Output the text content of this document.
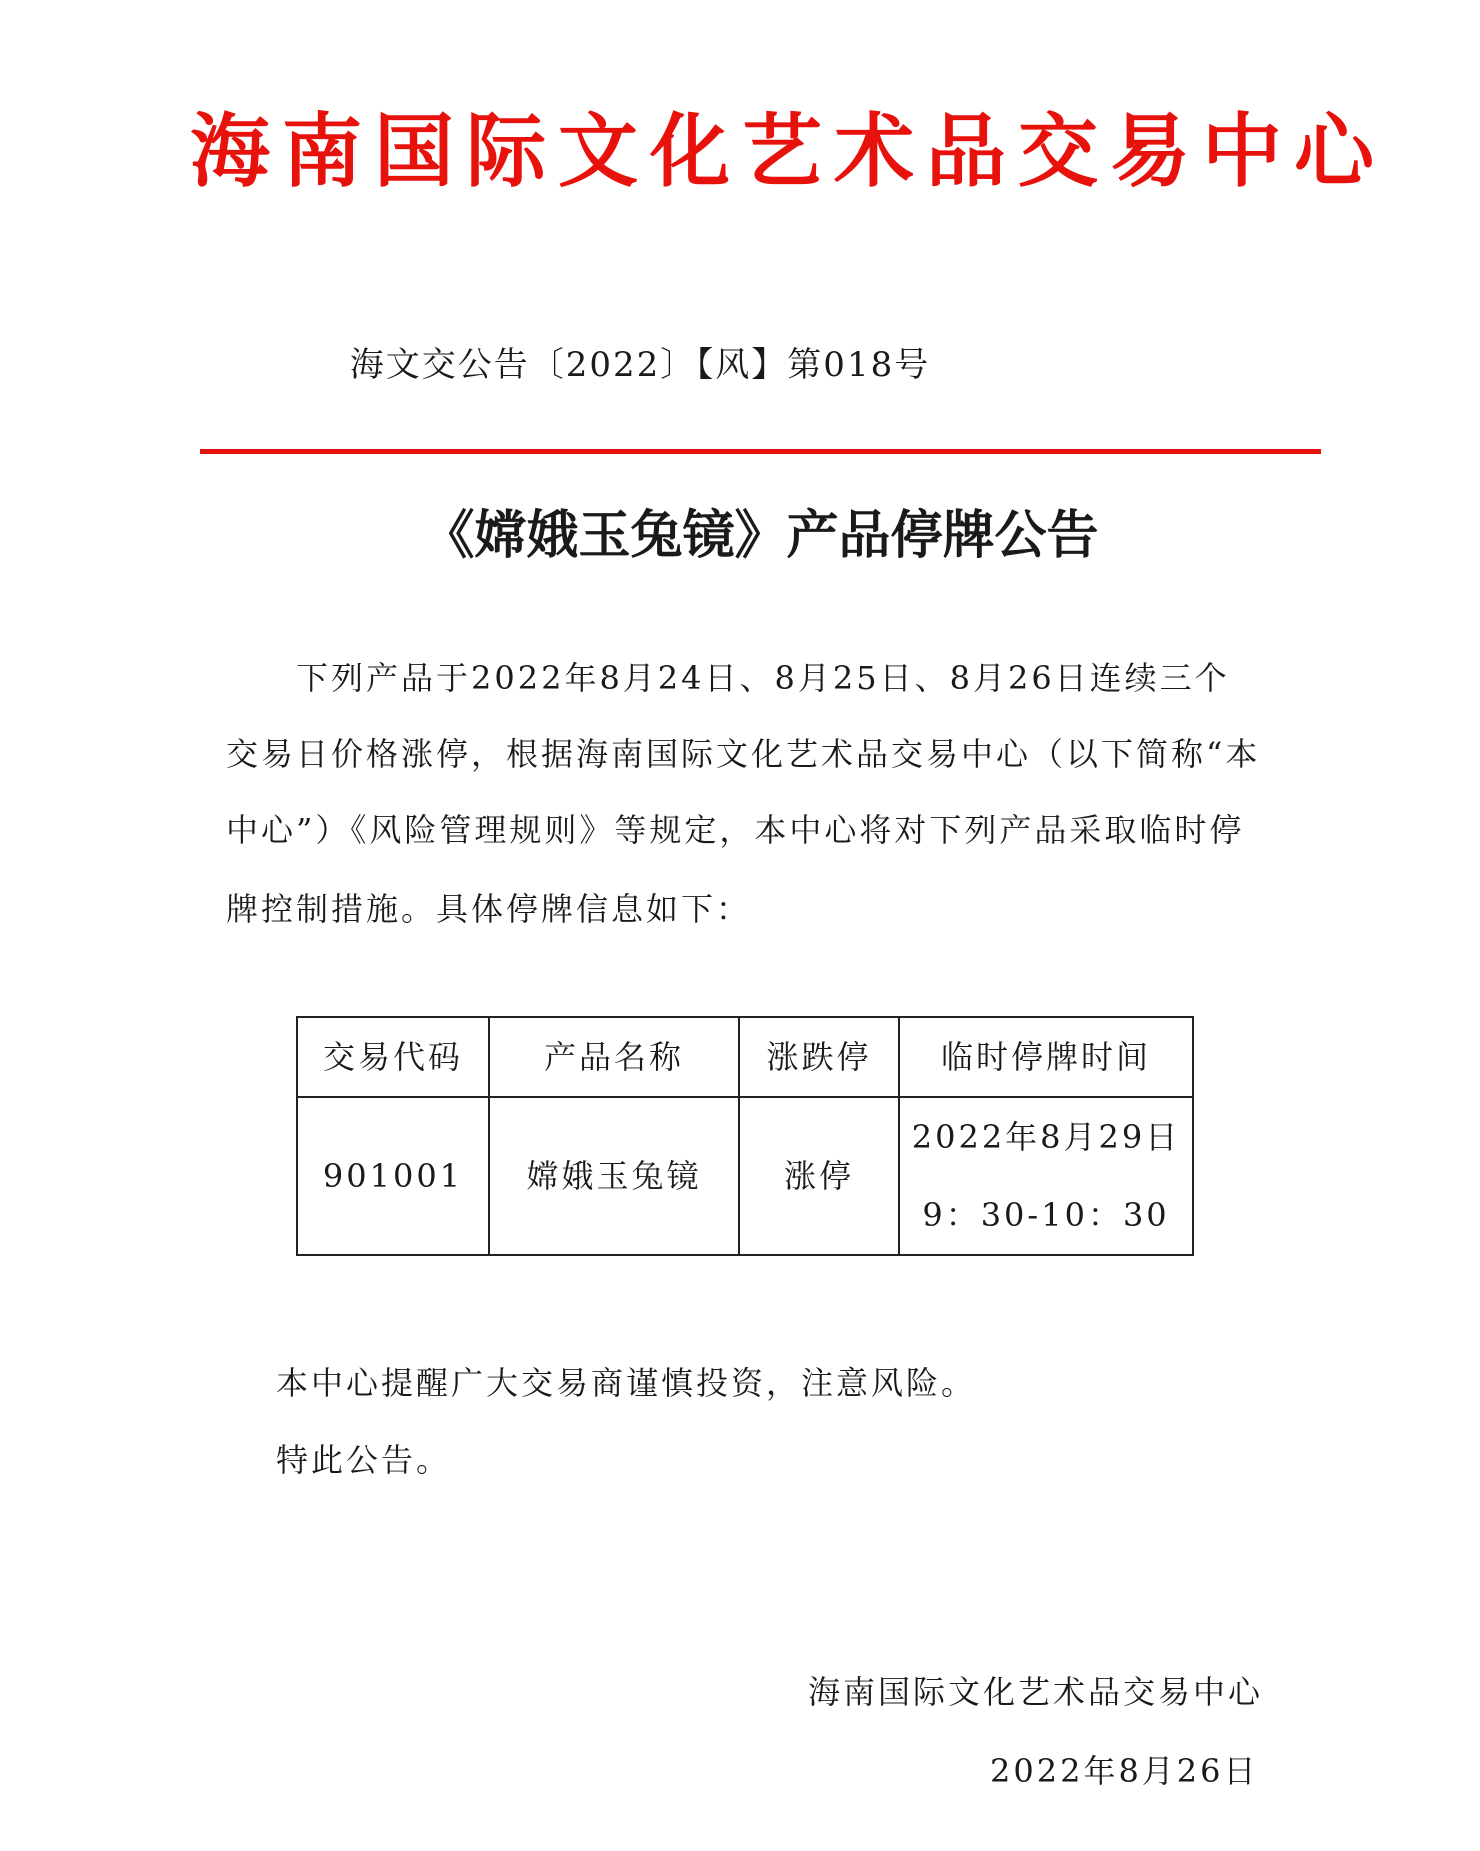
海南国际文化艺术品交易中心
海文交公告〔2022〕【风】第018号
《嫦娥玉兔镜》产品停牌公告
下列产品于2022年8月24日、8月25日、8月26日连续三个
交易日价格涨停，根据海南国际文化艺术品交易中心（以下简称“本
中心”）《风险管理规则》等规定，本中心将对下列产品采取临时停
牌控制措施。具体停牌信息如下：
交易代码	产品名称	涨跌停	临时停牌时间
901001	嫦娥玉兔镜	涨停	2022年8月29日
9：30-10：30
本中心提醒广大交易商谨慎投资，注意风险。
特此公告。
海南国际文化艺术品交易中心
2022年8月26日
